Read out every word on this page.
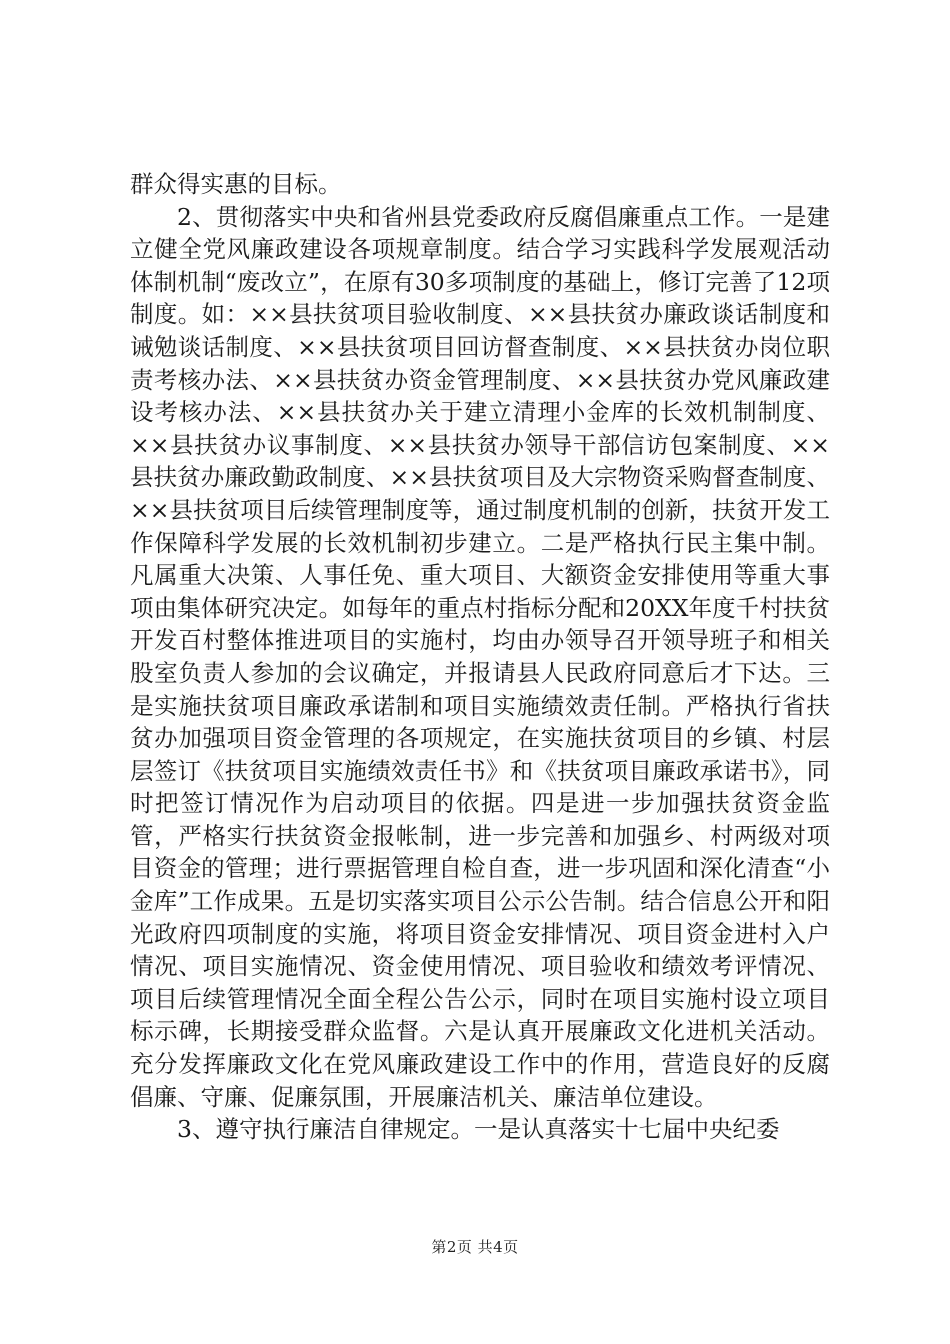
群众得实惠的目标。

2、贯彻落实中央和省州县党委政府反腐倡廉重点工作。一是建立健全党风廉政建设各项规章制度。结合学习实践科学发展观活动体制机制“废改立”，在原有30多项制度的基础上，修订完善了12项制度。如：××县扶贫项目验收制度、××县扶贫办廉政谈话制度和诫勉谈话制度、××县扶贫项目回访督查制度、××县扶贫办岗位职责考核办法、××县扶贫办资金管理制度、××县扶贫办党风廉政建设考核办法、××县扶贫办关于建立清理小金库的长效机制制度、××县扶贫办议事制度、××县扶贫办领导干部信访包案制度、××县扶贫办廉政勤政制度、××县扶贫项目及大宗物资采购督查制度、××县扶贫项目后续管理制度等，通过制度机制的创新，扶贫开发工作保障科学发展的长效机制初步建立。二是严格执行民主集中制。凡属重大决策、人事任免、重大项目、大额资金安排使用等重大事项由集体研究决定。如每年的重点村指标分配和20XX年度千村扶贫开发百村整体推进项目的实施村，均由办领导召开领导班子和相关股室负责人参加的会议确定，并报请县人民政府同意后才下达。三是实施扶贫项目廉政承诺制和项目实施绩效责任制。严格执行省扶贫办加强项目资金管理的各项规定，在实施扶贫项目的乡镇、村层层签订《扶贫项目实施绩效责任书》和《扶贫项目廉政承诺书》，同时把签订情况作为启动项目的依据。四是进一步加强扶贫资金监管，严格实行扶贫资金报帐制，进一步完善和加强乡、村两级对项目资金的管理；进行票据管理自检自查，进一步巩固和深化清查“小金库”工作成果。五是切实落实项目公示公告制。结合信息公开和阳光政府四项制度的实施，将项目资金安排情况、项目资金进村入户情况、项目实施情况、资金使用情况、项目验收和绩效考评情况、项目后续管理情况全面全程公告公示，同时在项目实施村设立项目标示碑，长期接受群众监督。六是认真开展廉政文化进机关活动。充分发挥廉政文化在党风廉政建设工作中的作用，营造良好的反腐倡廉、守廉、促廉氛围，开展廉洁机关、廉洁单位建设。

3、遵守执行廉洁自律规定。一是认真落实十七届中央纪委

第2页 共4页
